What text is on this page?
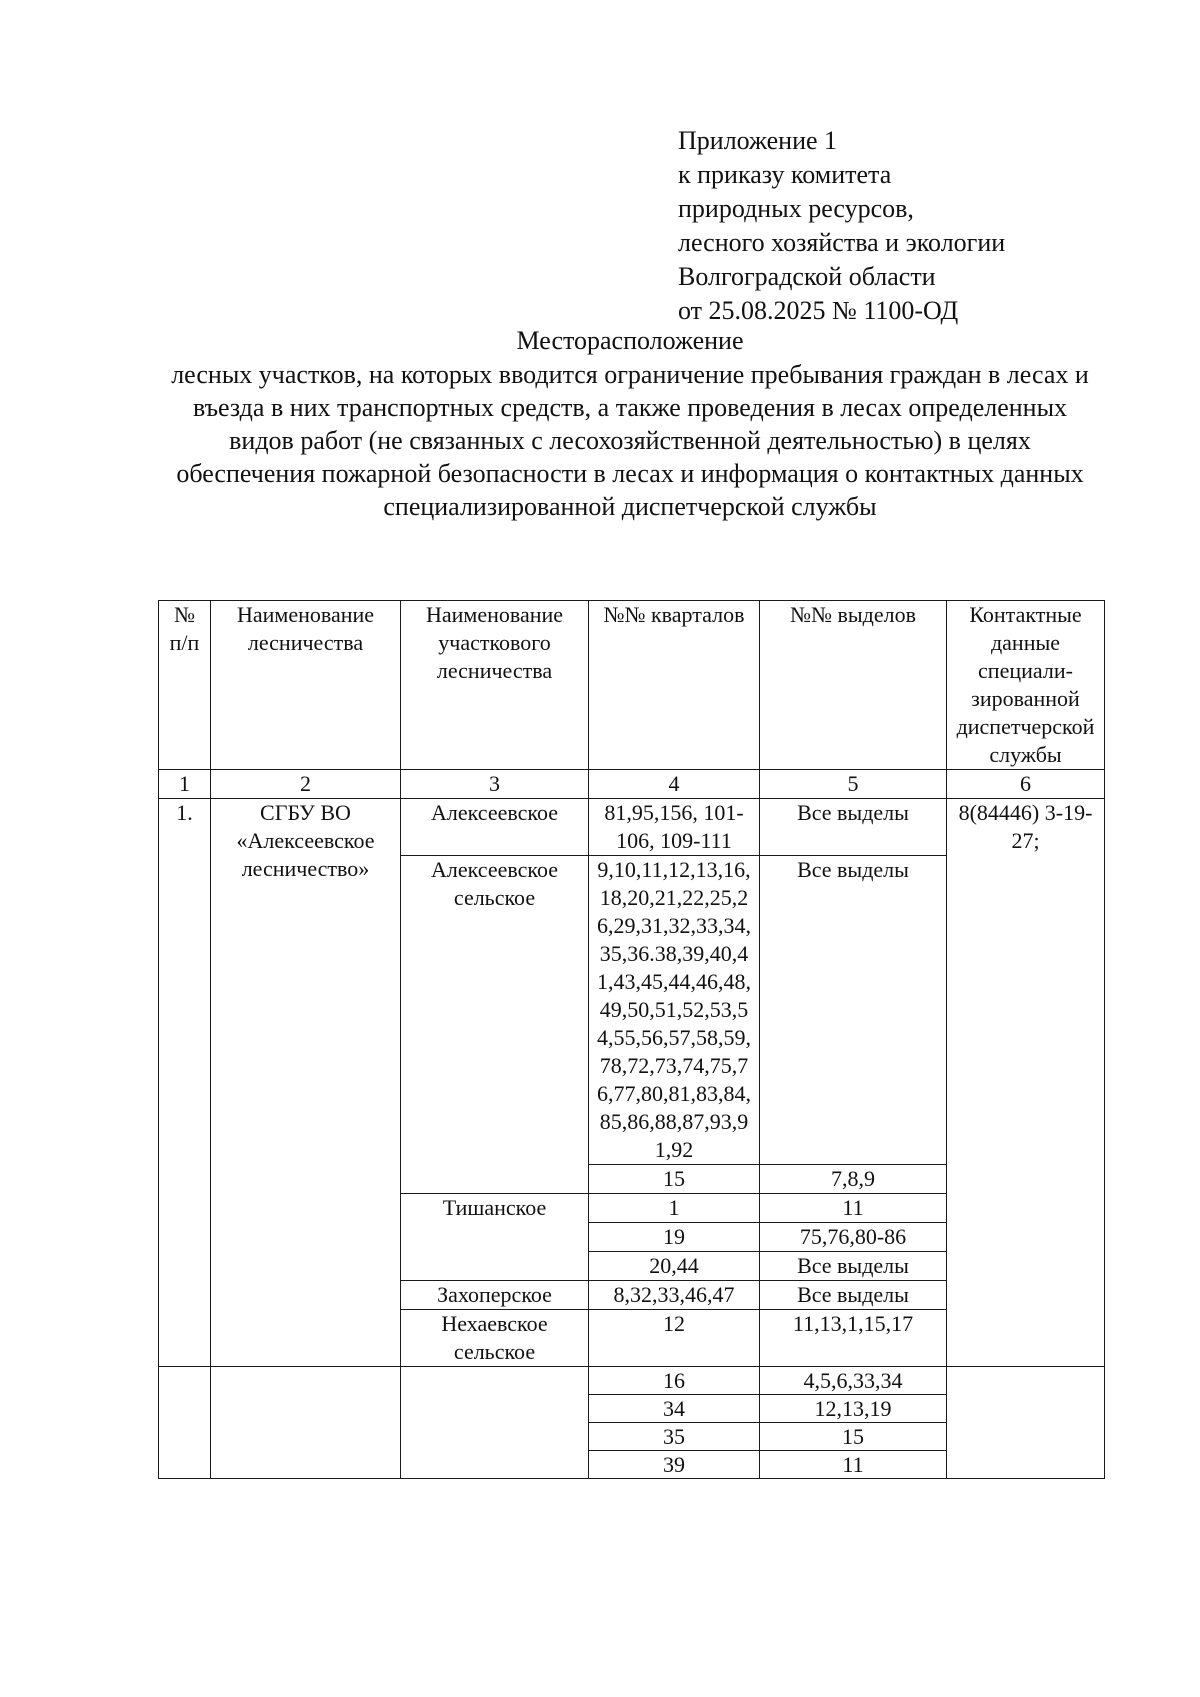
Приложение 1
к приказу комитета
природных ресурсов,
лесного хозяйства и экологии
Волгоградской области
от 25.08.2025 № 1100-ОД
Месторасположение
лесных участков, на которых вводится ограничение пребывания граждан в лесах и въезда в них транспортных средств, а также проведения в лесах определенных видов работ (не связанных с лесохозяйственной деятельностью) в целях обеспечения пожарной безопасности в лесах и информация о контактных данных специализированной диспетчерской службы
№ п/п	Наименование лесничества	Наименование участкового лесничества	№№ кварталов	№№ выделов	Контактные данные специали-зированной диспетчерской службы
1	2	3	4	5	6
1.	СГБУ ВО «Алексеевское лесничество»	Алексеевское	81,95,156, 101-106, 109-111	Все выделы	8(84446) 3-19-27;
		Алексеевское сельское	9,10,11,12,13,16,18,20,21,22,25,26,29,31,32,33,34,35,36.38,39,40,41,43,45,44,46,48,49,50,51,52,53,54,55,56,57,58,59,78,72,73,74,75,76,77,80,81,83,84,85,86,88,87,93,91,92	Все выделы	
			15	7,8,9	
		Тишанское	1	11	
			19	75,76,80-86	
			20,44	Все выделы	
		Захоперское	8,32,33,46,47	Все выделы	
		Нехаевское сельское	12	11,13,1,15,17	
			16	4,5,6,33,34	
			34	12,13,19	
			35	15	
			39	11	
